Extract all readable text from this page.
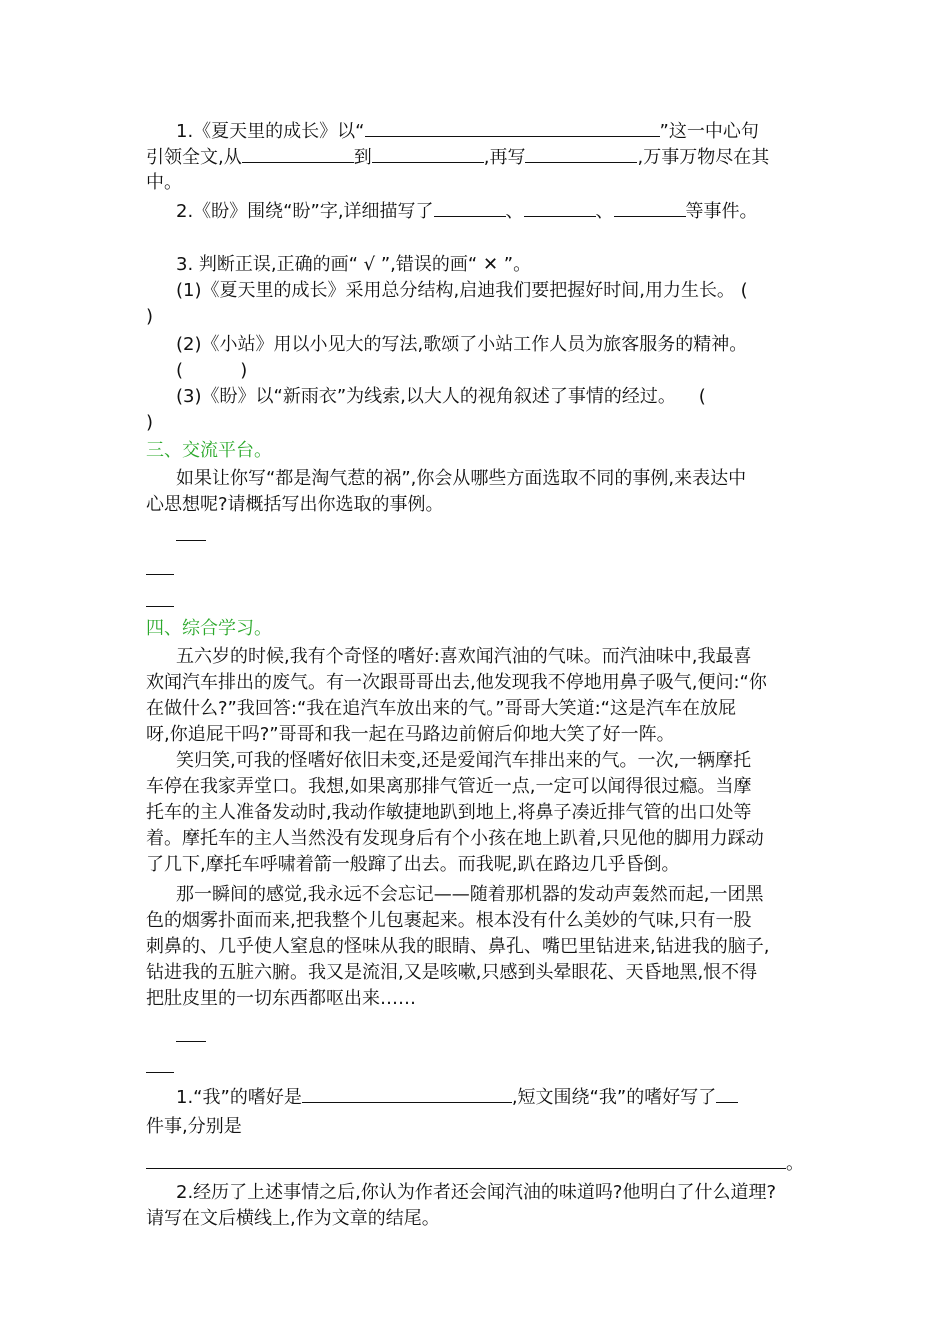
1.《夏天里的成长》以“	”这一中心句

引领全文,从	到	,再写	,万事万物尽在其

中。

2.《盼》围绕“盼”字,详细描写了	、	、	等事件。

3. 判断正误,正确的画“ √ ”,错误的画“ ✕ ”。

(1)《夏天里的成长》采用总分结构,启迪我们要把握好时间,用力生长。 (

)

(2)《小站》用以小见大的写法,歌颂了小站工作人员为旅客服务的精神。

(          )

(3)《盼》以“新雨衣”为线索,以大人的视角叙述了事情的经过。    (

)

三、交流平台。

如果让你写“都是淘气惹的祸”,你会从哪些方面选取不同的事例,来表达中

心思想呢?请概括写出你选取的事例。

四、综合学习。

五六岁的时候,我有个奇怪的嗜好:喜欢闻汽油的气味。而汽油味中,我最喜

欢闻汽车排出的废气。有一次跟哥哥出去,他发现我不停地用鼻子吸气,便问:“你

在做什么?”我回答:“我在追汽车放出来的气。”哥哥大笑道:“这是汽车在放屁

呀,你追屁干吗?”哥哥和我一起在马路边前俯后仰地大笑了好一阵。

笑归笑,可我的怪嗜好依旧未变,还是爱闻汽车排出来的气。一次,一辆摩托

车停在我家弄堂口。我想,如果离那排气管近一点,一定可以闻得很过瘾。当摩

托车的主人准备发动时,我动作敏捷地趴到地上,将鼻子凑近排气管的出口处等

着。摩托车的主人当然没有发现身后有个小孩在地上趴着,只见他的脚用力踩动

了几下,摩托车呼啸着箭一般蹿了出去。而我呢,趴在路边几乎昏倒。

那一瞬间的感觉,我永远不会忘记——随着那机器的发动声轰然而起,一团黑

色的烟雾扑面而来,把我整个儿包裹起来。根本没有什么美妙的气味,只有一股

刺鼻的、几乎使人窒息的怪味从我的眼睛、鼻孔、嘴巴里钻进来,钻进我的脑子,

钻进我的五脏六腑。我又是流泪,又是咳嗽,只感到头晕眼花、天昏地黑,恨不得

把肚皮里的一切东西都呕出来……

1.“我”的嗜好是	,短文围绕“我”的嗜好写了

件事,分别是

。

2.经历了上述事情之后,你认为作者还会闻汽油的味道吗?他明白了什么道理?

请写在文后横线上,作为文章的结尾。
